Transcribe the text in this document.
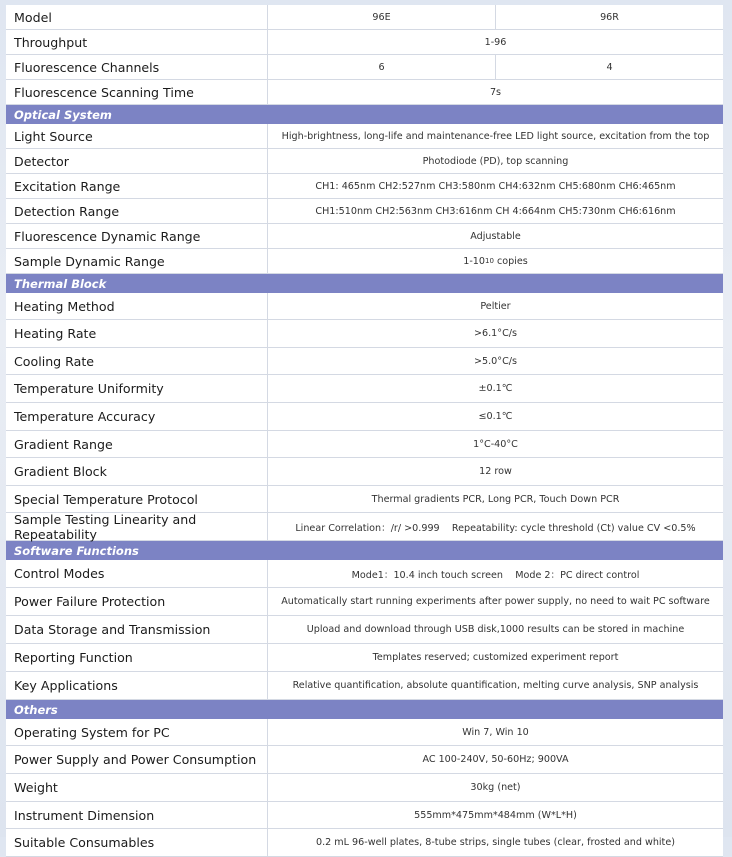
Model	96E	96R
Throughput	1-96
Fluorescence Channels	6	4
Fluorescence Scanning Time	7s
Optical System
Light Source	High-brightness, long-life and maintenance-free LED light source, excitation from the top
Detector	Photodiode (PD), top scanning
Excitation Range	CH1: 465nm CH2:527nm CH3:580nm CH4:632nm CH5:680nm CH6:465nm
Detection Range	CH1:510nm CH2:563nm CH3:616nm CH 4:664nm CH5:730nm CH6:616nm
Fluorescence Dynamic Range	Adjustable
Sample Dynamic Range	1-10 10 copies
Thermal Block
Heating Method	Peltier
Heating Rate	>6.1°C/s
Cooling Rate	>5.0°C/s
Temperature Uniformity	±0.1℃
Temperature Accuracy	≤0.1℃
Gradient Range	1°C-40°C
Gradient Block	12 row
Special Temperature Protocol	Thermal gradients PCR, Long PCR, Touch Down PCR
Sample Testing Linearity and Repeatability	Linear Correlation：/r/ >0.999    Repeatability: cycle threshold (Ct) value CV <0.5%
Software Functions
Control Modes	Mode1：10.4 inch touch screen    Mode 2：PC direct control
Power Failure Protection	Automatically start running experiments after power supply, no need to wait PC software
Data Storage and Transmission	Upload and download through USB disk,1000 results can be stored in machine
Reporting Function	Templates reserved; customized experiment report
Key Applications	Relative quantification, absolute quantification, melting curve analysis, SNP analysis
Others
Operating System for PC	Win 7, Win 10
Power Supply and Power Consumption	AC 100-240V, 50-60Hz; 900VA
Weight	30kg (net)
Instrument Dimension	555mm*475mm*484mm (W*L*H)
Suitable Consumables	0.2 mL 96-well plates, 8-tube strips, single tubes (clear, frosted and white)
